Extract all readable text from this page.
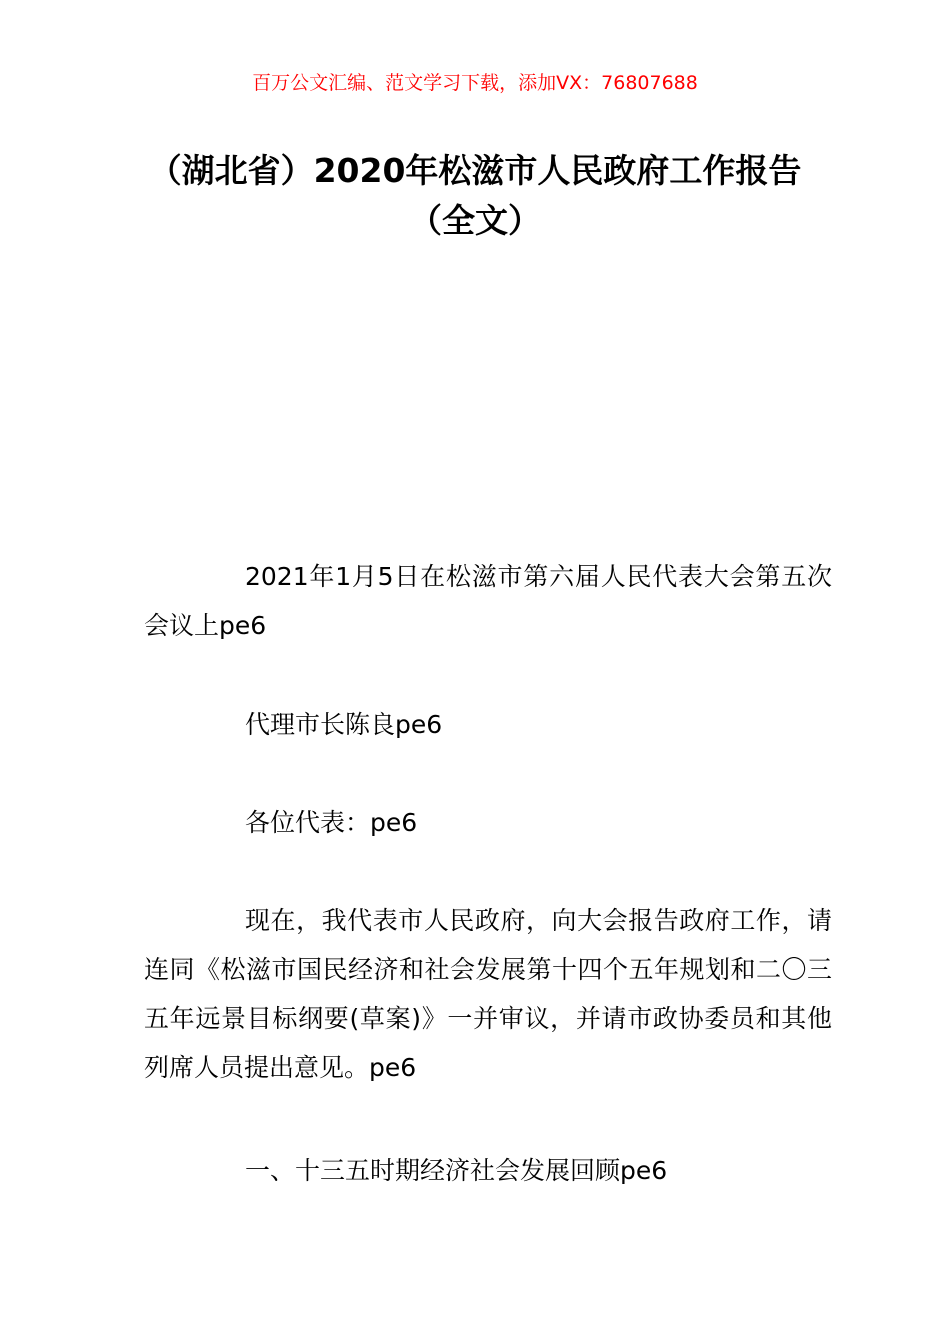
百万公文汇编、范文学习下载，添加VX：76807688
（湖北省）2020年松滋市人民政府工作报告（全文）

2021年1月5日在松滋市第六届人民代表大会第五次会议上pe6

代理市长陈良pe6

各位代表：pe6

现在，我代表市人民政府，向大会报告政府工作，请连同《松滋市国民经济和社会发展第十四个五年规划和二〇三五年远景目标纲要(草案)》一并审议，并请市政协委员和其他列席人员提出意见。pe6

一、十三五时期经济社会发展回顾pe6
